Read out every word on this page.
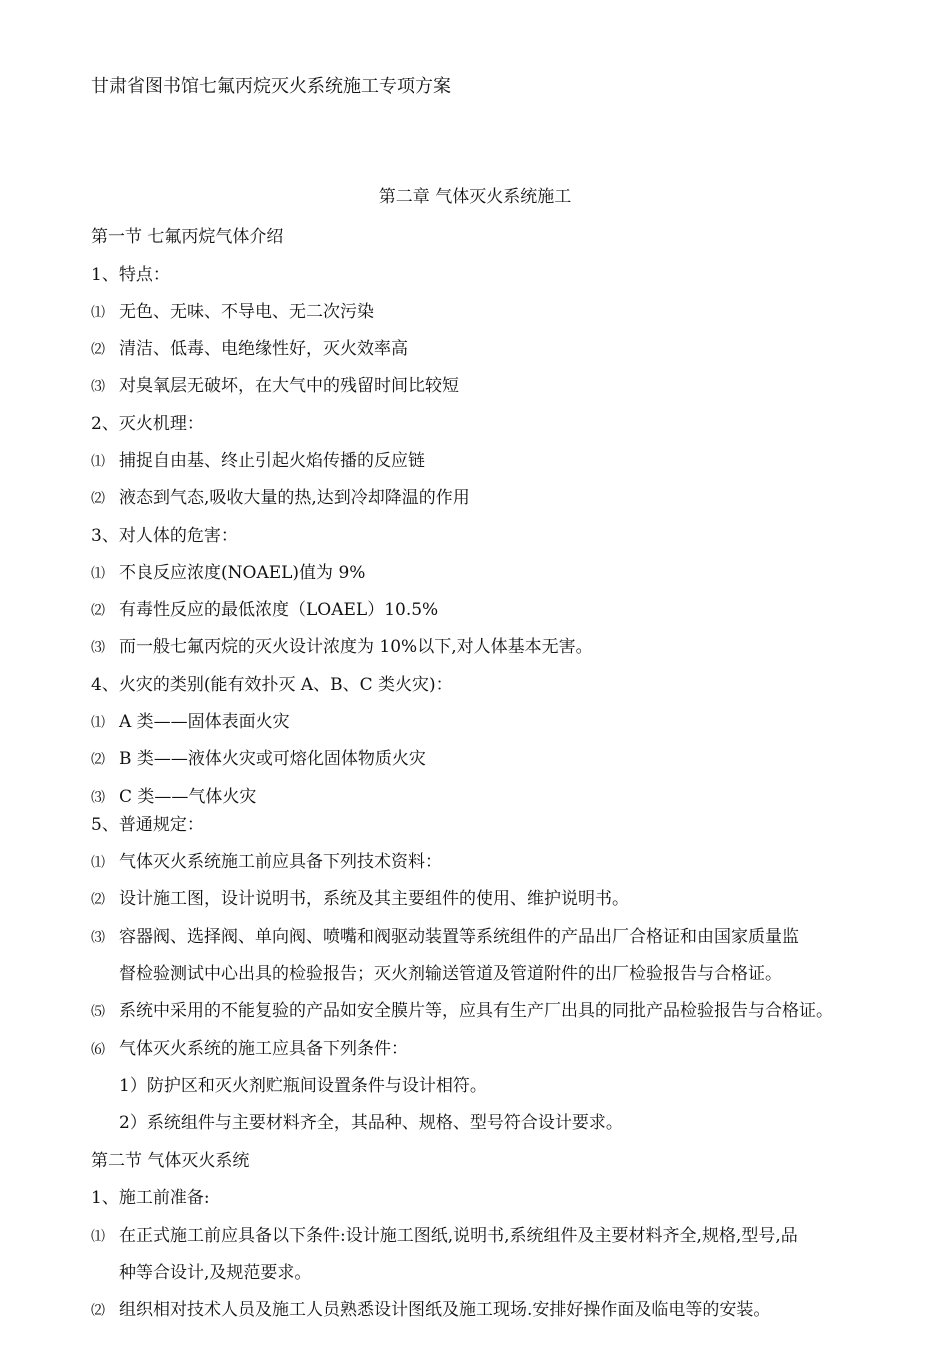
甘肃省图书馆七氟丙烷灭火系统施工专项方案
第二章 气体灭火系统施工
第一节 七氟丙烷气体介绍
1、特点：
⑴ 无色、无味、不导电、无二次污染
⑵ 清洁、低毒、电绝缘性好，灭火效率高
⑶ 对臭氧层无破坏，在大气中的残留时间比较短
2、灭火机理：
⑴ 捕捉自由基、终止引起火焰传播的反应链
⑵ 液态到气态,吸收大量的热,达到冷却降温的作用
3、对人体的危害：
⑴ 不良反应浓度(NOAEL)值为 9%
⑵ 有毒性反应的最低浓度（LOAEL）10.5%
⑶ 而一般七氟丙烷的灭火设计浓度为 10%以下,对人体基本无害。
4、火灾的类别(能有效扑灭 A、B、C 类火灾)：
⑴ A 类——固体表面火灾
⑵ B 类——液体火灾或可熔化固体物质火灾
⑶ C 类——气体火灾
5、普通规定：
⑴ 气体灭火系统施工前应具备下列技术资料：
⑵ 设计施工图，设计说明书，系统及其主要组件的使用、维护说明书。
⑶ 容器阀、选择阀、单向阀、喷嘴和阀驱动装置等系统组件的产品出厂合格证和由国家质量监
督检验测试中心出具的检验报告；灭火剂输送管道及管道附件的出厂检验报告与合格证。
⑸ 系统中采用的不能复验的产品如安全膜片等，应具有生产厂出具的同批产品检验报告与合格证。
⑹ 气体灭火系统的施工应具备下列条件：
1）防护区和灭火剂贮瓶间设置条件与设计相符。
2）系统组件与主要材料齐全，其品种、规格、型号符合设计要求。
第二节 气体灭火系统
1、施工前准备:
⑴ 在正式施工前应具备以下条件:设计施工图纸,说明书,系统组件及主要材料齐全,规格,型号,品
种等合设计,及规范要求。
⑵ 组织相对技术人员及施工人员熟悉设计图纸及施工现场.安排好操作面及临电等的安装。
